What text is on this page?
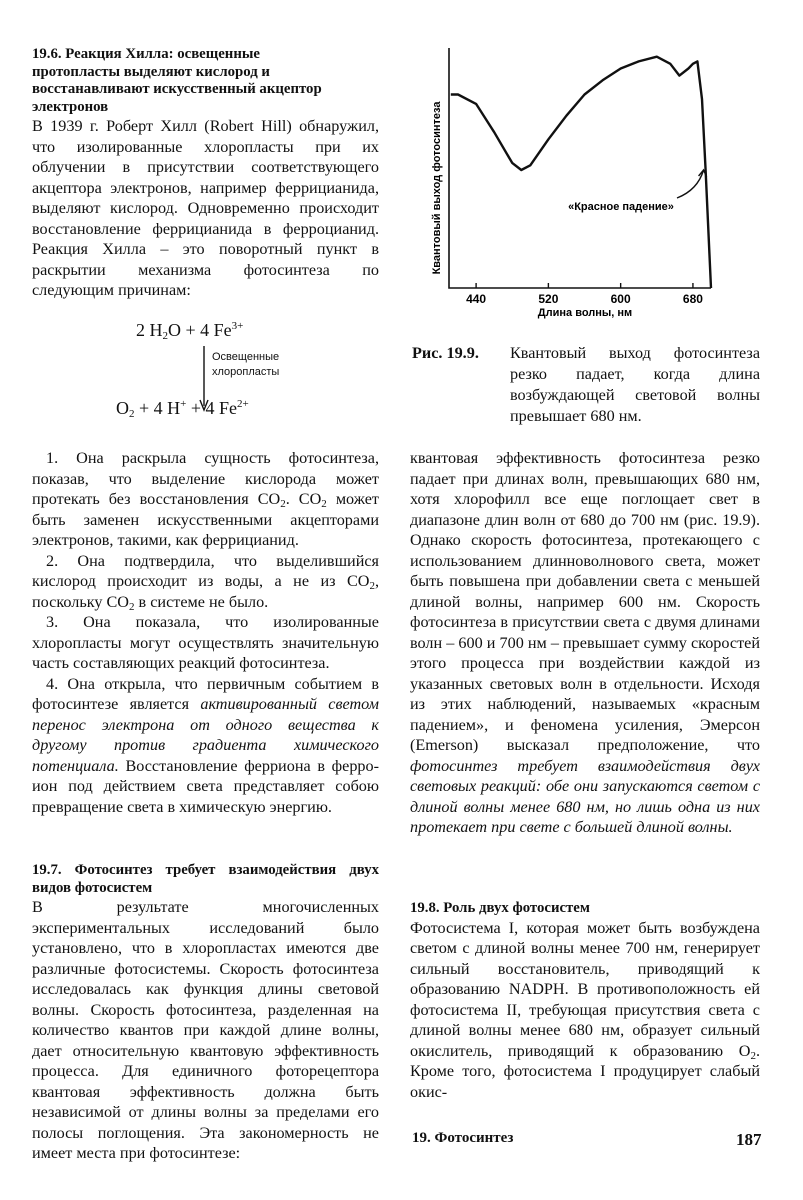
19.6. Реакция Хилла: освещенные протопласты выделяют кислород и восстанавливают искусственный акцептор электронов

В 1939 г. Роберт Хилл (Robert Hill) обнаружил, что изолированные хлоропласты при их облучении в присутствии соответствующего акцептора электронов, например феррицианида, выделяют кислород. Одновременно происходит восстановление феррицианида в ферроцианид. Реакция Хилла – это поворотный пункт в раскрытии механизма фотосинтеза по следующим причинам:

2 $H_2O + 4$ $Fe^{3+}$
Освещенные
хлоропласты
$O_2 + 4$ H+ + 4 $Fe^{2+}$

1. Она раскрыла сущность фотосинтеза, показав, что выделение кислорода может протекать без восстановления $CO_2$. $CO_2$ может быть заменен искусственными акцепторами электронов, такими, как феррицианид.

2. Она подтвердила, что выделившийся кислород происходит из воды, а не из $CO_2$, поскольку $CO_2$ в системе не было.

3. Она показала, что изолированные хлоропласты могут осуществлять значительную часть составляющих реакций фотосинтеза.

4. Она открыла, что первичным событием в фотосинтезе является активированный светом перенос электрона от одного вещества к другому против градиента химического потенциала. Восстановление ферриона в ферро-ион под действием света представляет собою превращение света в химическую энергию.

19.7. Фотосинтез требует взаимодействия двух видов фотосистем

В результате многочисленных экспериментальных исследований было установлено, что в хлоропластах имеются две различные фотосистемы. Скорость фотосинтеза исследовалась как функция длины световой волны. Скорость фотосинтеза, разделенная на количество квантов при каждой длине волны, дает относительную квантовую эффективность процесса. Для единичного фоторецептора квантовая эффективность должна быть независимой от длины волны за пределами его полосы поглощения. Эта закономерность не имеет места при фотосинтезе:

440	520	600	680
«Красное падение»
Квантовый выход фотосинтеза
Длина волны, нм
Рис. 19.9. Квантовый выход фотосинтеза резко падает, когда длина возбуждающей световой волны превышает 680 нм.

квантовая эффективность фотосинтеза резко падает при длинах волн, превышающих 680 нм, хотя хлорофилл все еще поглощает свет в диапазоне длин волн от 680 до 700 нм (рис. 19.9). Однако скорость фотосинтеза, протекающего с использованием длинноволнового света, может быть повышена при добавлении света с меньшей длиной волны, например 600 нм. Скорость фотосинтеза в присутствии света с двумя длинами волн – 600 и 700 нм – превышает сумму скоростей этого процесса при воздействии каждой из указанных световых волн в отдельности. Исходя из этих наблюдений, называемых «красным падением», и феномена усиления, Эмерсон (Emerson) высказал предположение, что фотосинтез требует взаимодействия двух световых реакций: обе они запускаются светом с длиной волны менее 680 нм, но лишь одна из них протекает при свете с большей длиной волны.

19.8. Роль двух фотосистем

Фотосистема I, которая может быть возбуждена светом с длиной волны менее 700 нм, генерирует сильный восстановитель, приводящий к образованию NADPH. В противоположность ей фотосистема II, требующая присутствия света с длиной волны менее 680 нм, образует сильный окислитель, приводящий к образованию $O_2$. Кроме того, фотосистема I продуцирует слабый окис-

19. Фотосинтез	187
